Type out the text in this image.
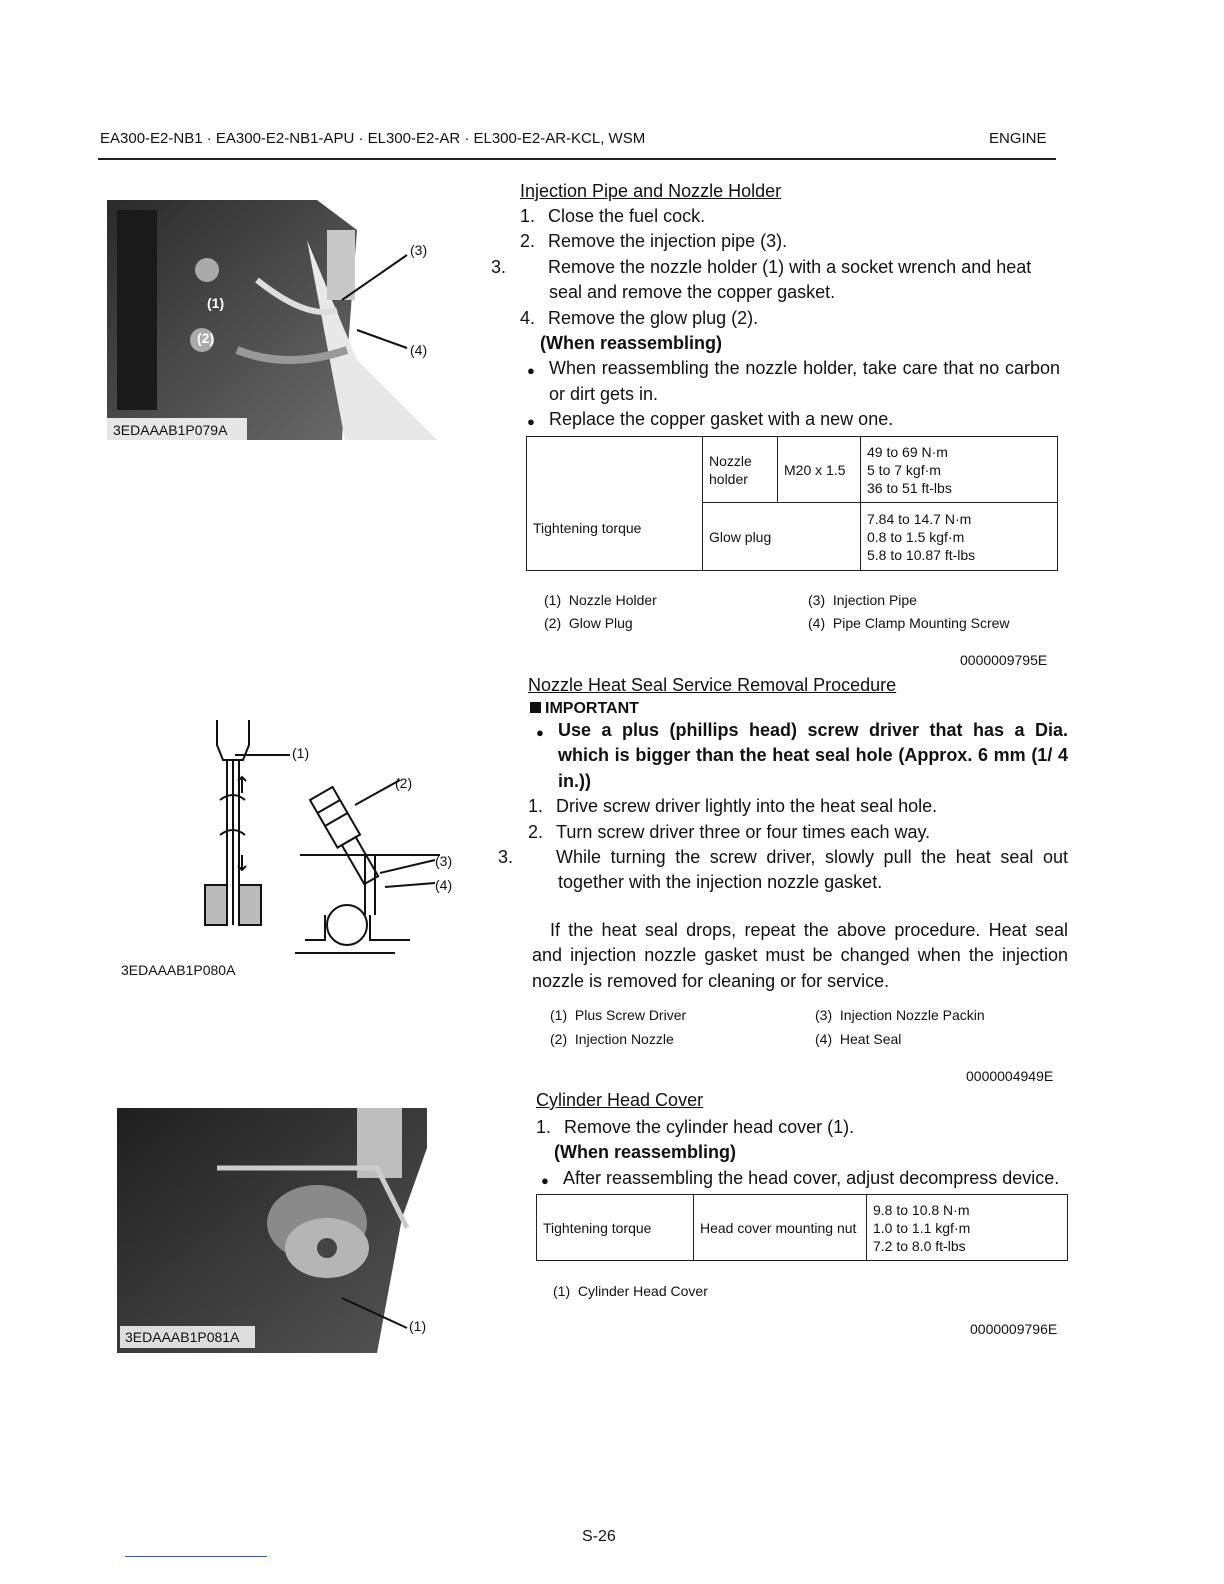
EA300-E2-NB1 · EA300-E2-NB1-APU · EL300-E2-AR · EL300-E2-AR-KCL, WSM	ENGINE
(1)
(2)
(3)
(4)
3EDAAAB1P079A
(1)
(2)
(3)
(4)
3EDAAAB1P080A
(1)
3EDAAAB1P081A
Injection Pipe and Nozzle Holder
1. Close the fuel cock.
2. Remove the injection pipe (3).
3. Remove the nozzle holder (1) with a socket wrench and heat seal and remove the copper gasket.
4. Remove the glow plug (2).
(When reassembling)
● When reassembling the nozzle holder, take care that no carbon or dirt gets in.
● Replace the copper gasket with a new one.
Tightening torque	Nozzle holder	M20 x 1.5	49 to 69 N·m
5 to 7 kgf·m
36 to 51 ft-lbs

	Glow plug		7.84 to 14.7 N·m
0.8 to 1.5 kgf·m
5.8 to 10.87 ft-lbs
(1) Nozzle Holder
(2) Glow Plug
(3) Injection Pipe
(4) Pipe Clamp Mounting Screw
0000009795E
Nozzle Heat Seal Service Removal Procedure
IMPORTANT
● Use a plus (phillips head) screw driver that has a Dia. which is bigger than the heat seal hole (Approx. 6 mm (1/ 4 in.))
1. Drive screw driver lightly into the heat seal hole.
2. Turn screw driver three or four times each way.
3. While turning the screw driver, slowly pull the heat seal out together with the injection nozzle gasket.
If the heat seal drops, repeat the above procedure. Heat seal and injection nozzle gasket must be changed when the injection nozzle is removed for cleaning or for service.
(1) Plus Screw Driver
(2) Injection Nozzle
(3) Injection Nozzle Packin
(4) Heat Seal
0000004949E
Cylinder Head Cover
1. Remove the cylinder head cover (1).
(When reassembling)
● After reassembling the head cover, adjust decompress device.
Tightening torque	Head cover mounting nut	
9.8 to 10.8 N·m
1.0 to 1.1 kgf·m
7.2 to 8.0 ft-lbs
(1) Cylinder Head Cover
0000009796E
S-26
